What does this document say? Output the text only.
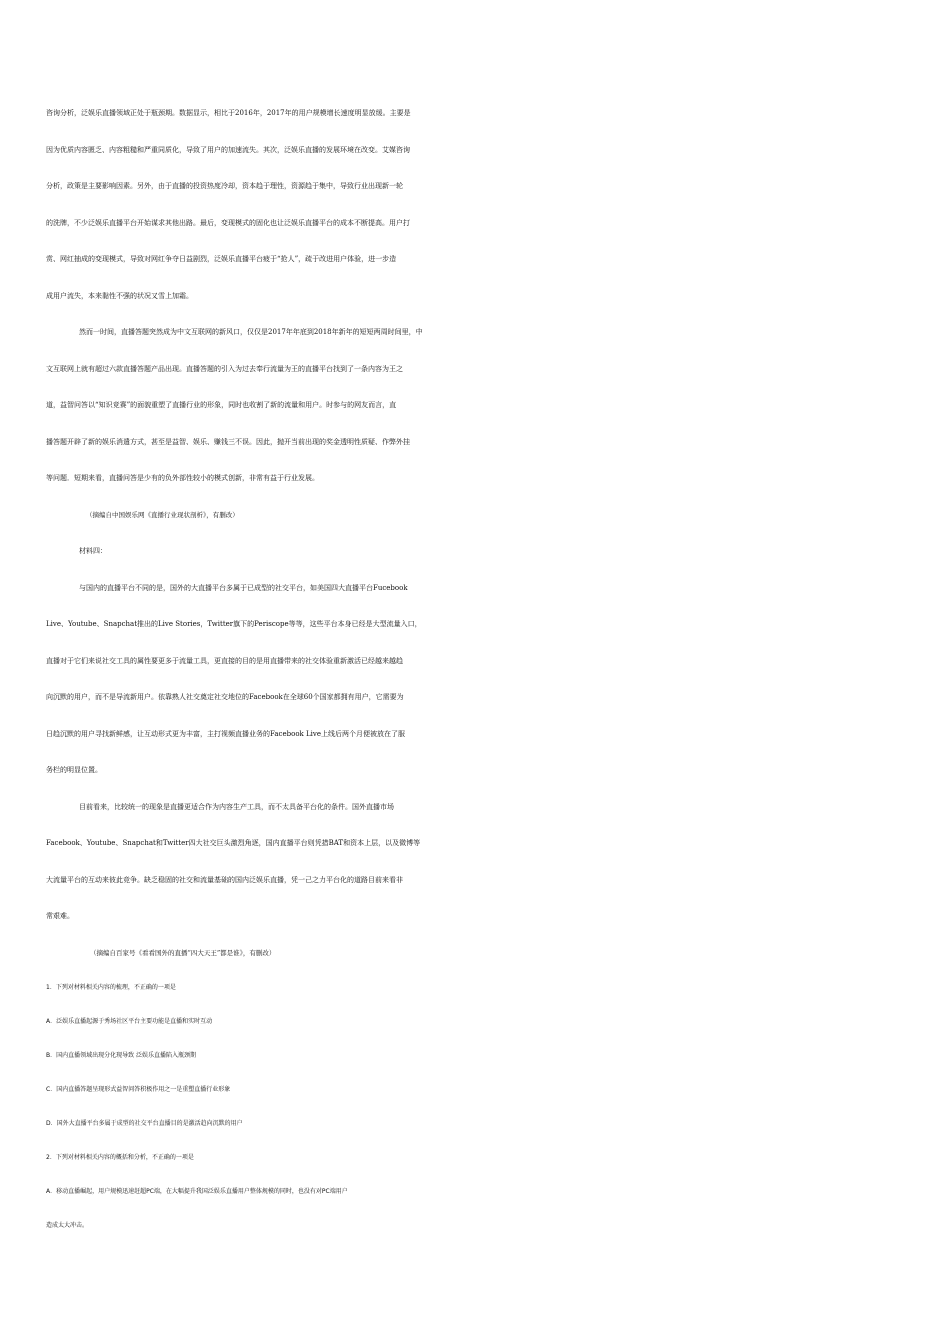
咨询分析，泛娱乐直播领域正处于瓶颈期。数据显示，相比于2016年，2017年的用户规模增长速度明显放缓。主要是
因为优质内容匮乏、内容粗糙和严重同质化，导致了用户的加速流失。其次，泛娱乐直播的发展环境在改变。艾媒咨询
分析，政策是主要影响因素。另外，由于直播的投资热度冷却，资本趋于理性，资源趋于集中，导致行业出现新一轮
的洗牌，不少泛娱乐直播平台开始谋求其他出路。最后，变现模式的固化也让泛娱乐直播平台的成本不断提高。用户打
赏、网红抽成的变现模式，导致对网红争夺日益剧烈，泛娱乐直播平台疲于“抢人”，疏于改进用户体验，进一步造
成用户流失，本来黏性不强的状况又雪上加霜。
然而一时间，直播答题突然成为中文互联网的新风口，仅仅是2017年年底到2018年新年的短短两周时间里，中
文互联网上就有超过六款直播答题产品出现。直播答题的引入为过去奉行流量为王的直播平台找到了一条内容为王之
道，益智问答以“知识竞赛”的面貌重塑了直播行业的形象，同时也收割了新的流量和用户。时参与的网友而言，直
播答题开辟了新的娱乐消遣方式，甚至是益智、娱乐、赚钱三不误。因此，抛开当前出现的奖金透明性质疑、作弊外挂
等问题．短期来看，直播问答是少有的负外部性较小的模式创新，非常有益于行业发展。
（摘编自中国娱乐网《直播行业现状剖析》，有删改）
材料四：
与国内的直播平台不同的是，国外的大直播平台多属于已成型的社交平台，如美国四大直播平台Fucebook
Live、Youtube、Snapchat推出的Live Stories，Twitter旗下的Periscope等等，这些平台本身已经是大型流量入口，
直播对于它们来说社交工具的属性要更多于流量工具，更直接的目的是用直播带来的社交体验重新激活已经越来越趋
向沉默的用户，而不是导流新用户。依靠熟人社交奠定社交地位的Facebook在全球60个国家都拥有用户，它需要为
日趋沉默的用户寻找新鲜感，让互动形式更为丰富，主打视频直播业务的Facebook Live上线后两个月便被放在了服
务栏的明显位置。
目前看来，比较统一的现象是直播更适合作为内容生产工具，而不太具备平台化的条件。国外直播市场
Facebook、Youtube、Snapchat和Twitter四大社交巨头激烈角逐，国内直播平台则凭措BAT和资本上层，以及微博等
大流量平台的互动来彼此竞争。缺乏稳固的社交和流量基础的国内泛娱乐直播，凭一己之力平台化的道路目前来看非
常艰难。
（摘编自百家号《看看国外的直播“四大天王”都是谁》，有删改）
1．下列对材料相关内容的梳理，不正确的一项是
A．泛娱乐直播起源于秀场社区平台主要功能是直播和实时互动
B．国内直播领域出现分化现导致 泛娱乐直播陷入瓶颈期
C．国内直播答题呈现形式益智问答积极作用之一是重塑直播行业形象
D．国外大直播平台多属于成型的社交平台直播目的是激活趋向沉默的用户
2．下列对材料相关内容的概括和分析，不正确的一项是
A．移动直播崛起，用户规模迅速赶超PC端，在大幅提升我国泛娱乐直播用户整体规模的同时，也没有对PC端用户
造成太大冲击。
